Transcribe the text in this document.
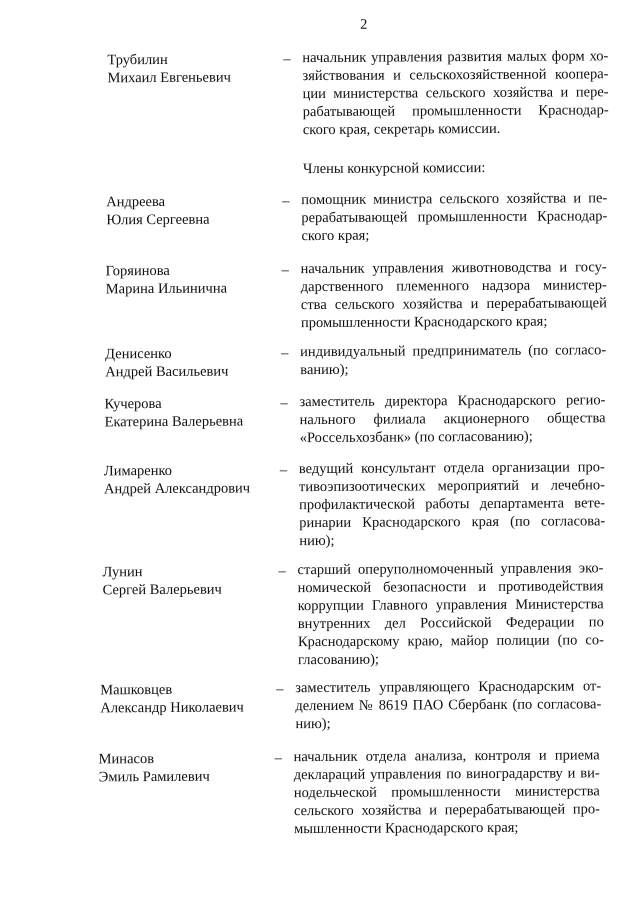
2
Трубилин
Михаил Евгеньевич
– начальник управления развития малых форм хо-
зяйствования и сельскохозяйственной коопера-
ции министерства сельского хозяйства и пере-
рабатывающей промышленности Краснодар-
ского края, секретарь комиссии.
Члены конкурсной комиссии:
Андреева
Юлия Сергеевна
– помощник министра сельского хозяйства и пе-
рерабатывающей промышленности Краснодар-
ского края;
Горяинова
Марина Ильинична
– начальник управления животноводства и госу-
дарственного племенного надзора министер-
ства сельского хозяйства и перерабатывающей
промышленности Краснодарского края;
Денисенко
Андрей Васильевич
– индивидуальный предприниматель (по согласо-
ванию);
Кучерова
Екатерина Валерьевна
– заместитель директора Краснодарского регио-
нального филиала акционерного общества
«Россельхозбанк» (по согласованию);
Лимаренко
Андрей Александрович
– ведущий консультант отдела организации про-
тивоэпизоотических мероприятий и лечебно-
профилактической работы департамента вете-
ринарии Краснодарского края (по согласова-
нию);
Лунин
Сергей Валерьевич
– старший оперуполномоченный управления эко-
номической безопасности и противодействия
коррупции Главного управления Министерства
внутренних дел Российской Федерации по
Краснодарскому краю, майор полиции (по со-
гласованию);
Машковцев
Александр Николаевич
– заместитель управляющего Краснодарским от-
делением № 8619 ПАО Сбербанк (по согласова-
нию);
Минасов
Эмиль Рамилевич
– начальник отдела анализа, контроля и приема
деклараций управления по виноградарству и ви-
нодельческой промышленности министерства
сельского хозяйства и перерабатывающей про-
мышленности Краснодарского края;
